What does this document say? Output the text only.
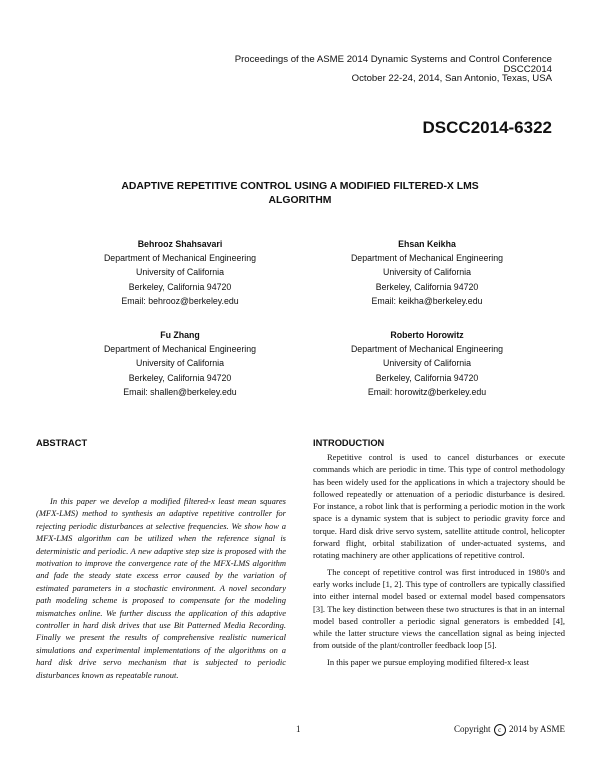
Proceedings of the ASME 2014 Dynamic Systems and Control Conference
DSCC2014
October 22-24, 2014, San Antonio, Texas, USA
DSCC2014-6322
ADAPTIVE REPETITIVE CONTROL USING A MODIFIED FILTERED-X LMS ALGORITHM
Behrooz Shahsavari
Department of Mechanical Engineering
University of California
Berkeley, California 94720
Email: behrooz@berkeley.edu
Ehsan Keikha
Department of Mechanical Engineering
University of California
Berkeley, California 94720
Email: keikha@berkeley.edu
Fu Zhang
Department of Mechanical Engineering
University of California
Berkeley, California 94720
Email: shallen@berkeley.edu
Roberto Horowitz
Department of Mechanical Engineering
University of California
Berkeley, California 94720
Email: horowitz@berkeley.edu
ABSTRACT

In this paper we develop a modified filtered-x least mean squares (MFX-LMS) method to synthesis an adaptive repetitive controller for rejecting periodic disturbances at selective frequencies. We show how a MFX-LMS algorithm can be utilized when the reference signal is deterministic and periodic. A new adaptive step size is proposed with the motivation to improve the convergence rate of the MFX-LMS algorithm and fade the steady state excess error caused by the variation of estimated parameters in a stochastic environment. A novel secondary path modeling scheme is proposed to compensate for the modeling mismatches online. We further discuss the application of this adaptive controller in hard disk drives that use Bit Patterned Media Recording. Finally we present the results of comprehensive realistic numerical simulations and experimental implementations of the algorithms on a hard disk drive servo mechanism that is subjected to periodic disturbances known as repeatable runout.

INTRODUCTION

Repetitive control is used to cancel disturbances or execute commands which are periodic in time. This type of control methodology has been widely used for the applications in which a trajectory should be followed repeatedly or attenuation of a periodic disturbance is desired. For instance, a robot link that is performing a periodic motion in the work space is a dynamic system that is subject to periodic gravity force and torque. Hard disk drive servo system, satellite attitude control, helicopter forward flight, orbital stabilization of under-actuated systems, and rotating machinery are other applications of repetitive control.

The concept of repetitive control was first introduced in 1980's and early works include [1, 2]. This type of controllers are typically classified into either internal model based or external model based compensators [3]. The key distinction between these two structures is that in an internal model based controller a periodic signal generators is embedded [4], while the latter structure views the cancellation signal as being injected from outside of the plant/controller feedback loop [5].

In this paper we pursue employing modified filtered-x least

1	Copyright c 2014 by ASME
